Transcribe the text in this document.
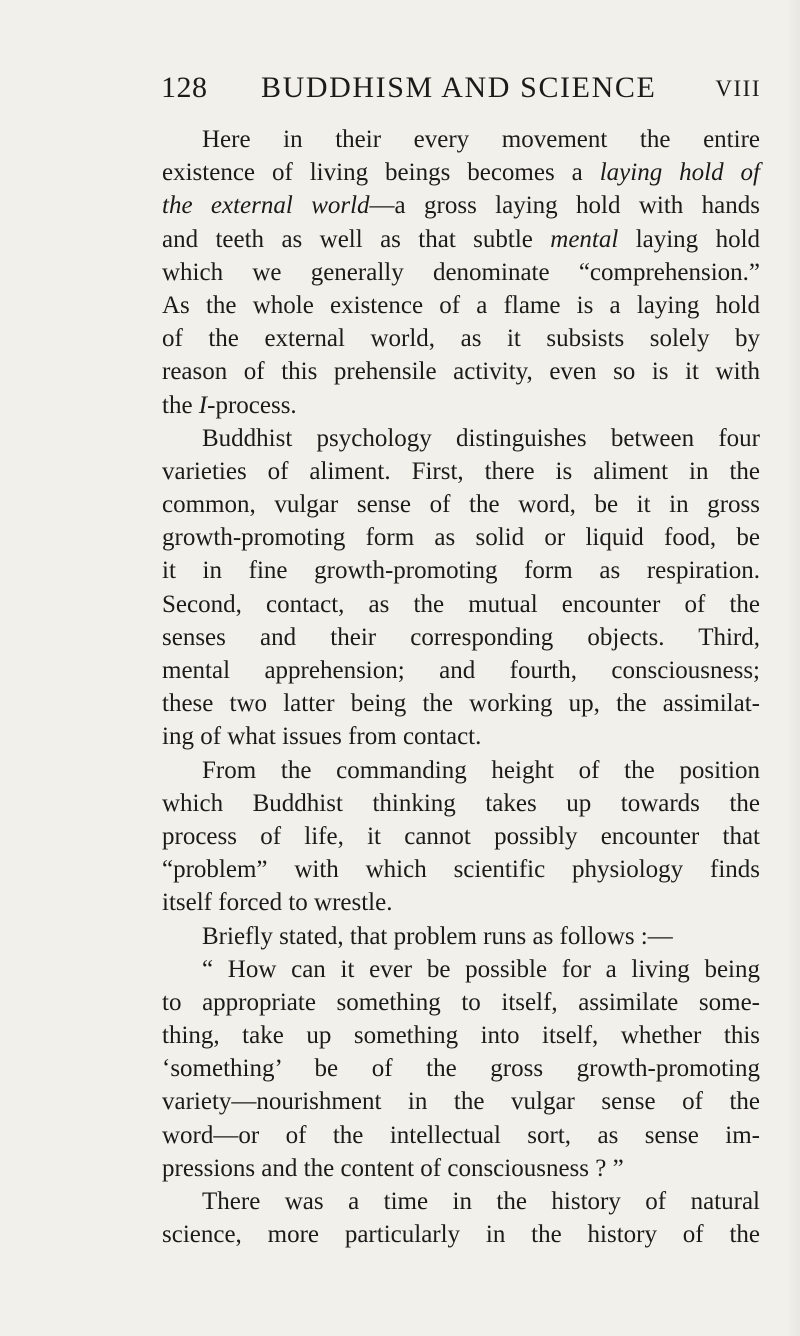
128 BUDDHISM AND SCIENCE	VIII
Here in their every movement the entire
existence of living beings becomes a laying hold of
the external world—a gross laying hold with hands
and teeth as well as that subtle mental laying hold
which we generally denominate “comprehension.”
As the whole existence of a flame is a laying hold
of the external world, as it subsists solely by
reason of this prehensile activity, even so is it with
the I-process.
Buddhist psychology distinguishes between four
varieties of aliment. First, there is aliment in the
common, vulgar sense of the word, be it in gross
growth-promoting form as solid or liquid food, be
it in fine growth-promoting form as respiration.
Second, contact, as the mutual encounter of the
senses and their corresponding objects. Third,
mental apprehension; and fourth, consciousness;
these two latter being the working up, the assimilat-
ing of what issues from contact.
From the commanding height of the position
which Buddhist thinking takes up towards the
process of life, it cannot possibly encounter that
“problem” with which scientific physiology finds
itself forced to wrestle.
Briefly stated, that problem runs as follows :—
“ How can it ever be possible for a living being
to appropriate something to itself, assimilate some-
thing, take up something into itself, whether this
‘something’ be of the gross growth-promoting
variety—nourishment in the vulgar sense of the
word—or of the intellectual sort, as sense im-
pressions and the content of consciousness ? ”
There was a time in the history of natural
science, more particularly in the history of the
